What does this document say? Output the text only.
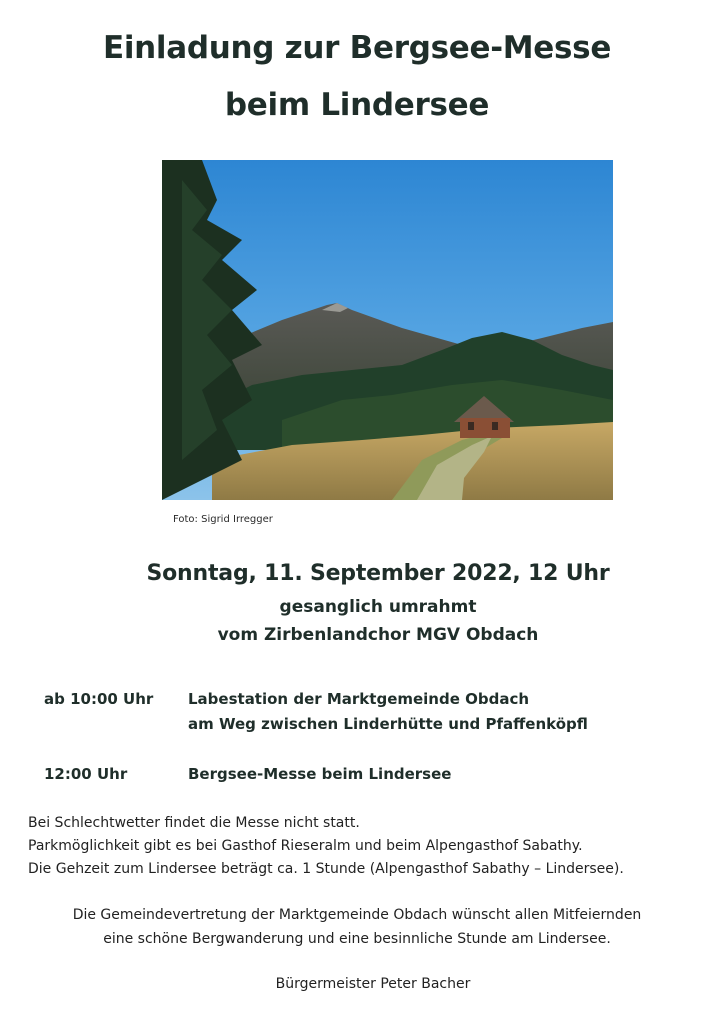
Einladung zur Bergsee-Messe
beim Lindersee
Foto: Sigrid Irregger
Sonntag, 11. September 2022, 12 Uhr
gesanglich umrahmt
vom Zirbenlandchor MGV Obdach
ab 10:00 Uhr Labestation der Marktgemeinde Obdach
am Weg zwischen Linderhütte und Pfaffenköpfl
12:00 Uhr	Bergsee-Messe beim Lindersee
Bei Schlechtwetter findet die Messe nicht statt.
Parkmöglichkeit gibt es bei Gasthof Rieseralm und beim Alpengasthof Sabathy.
Die Gehzeit zum Lindersee beträgt ca. 1 Stunde (Alpengasthof Sabathy – Lindersee).
Die Gemeindevertretung der Marktgemeinde Obdach wünscht allen Mitfeiernden
eine schöne Bergwanderung und eine besinnliche Stunde am Lindersee.
Bürgermeister Peter Bacher
